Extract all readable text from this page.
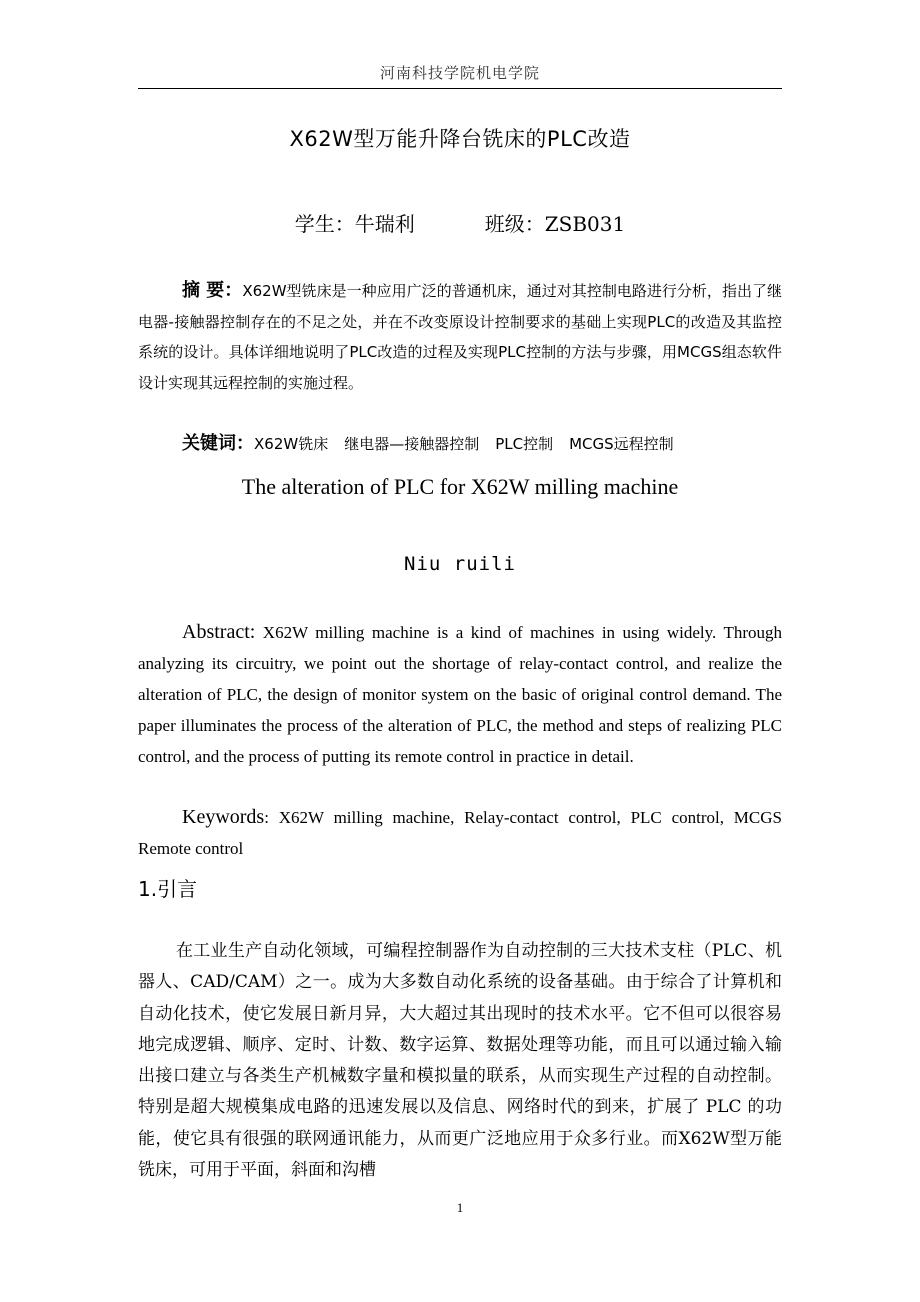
河南科技学院机电学院
X62W型万能升降台铣床的PLC改造
学生：牛瑞利	班级：ZSB031
摘 要：X62W型铣床是一种应用广泛的普通机床，通过对其控制电路进行分析，指出了继电器-接触器控制存在的不足之处，并在不改变原设计控制要求的基础上实现PLC的改造及其监控系统的设计。具体详细地说明了PLC改造的过程及实现PLC控制的方法与步骤，用MCGS组态软件设计实现其远程控制的实施过程。
关键词：X62W铣床 继电器—接触器控制 PLC控制 MCGS远程控制
The alteration of PLC for X62W milling machine
Niu ruili
Abstract: X62W milling machine is a kind of machines in using widely. Through analyzing its circuitry, we point out the shortage of relay-contact control, and realize the alteration of PLC, the design of monitor system on the basic of original control demand. The paper illuminates the process of the alteration of PLC, the method and steps of realizing PLC control, and the process of putting its remote control in practice in detail.
Keywords: X62W milling machine, Relay-contact control, PLC control, MCGS Remote control
1.引言
在工业生产自动化领域，可编程控制器作为自动控制的三大技术支柱（PLC、机器人、CAD/CAM）之一。成为大多数自动化系统的设备基础。由于综合了计算机和自动化技术，使它发展日新月异，大大超过其出现时的技术水平。它不但可以很容易地完成逻辑、顺序、定时、计数、数字运算、数据处理等功能，而且可以通过输入输出接口建立与各类生产机械数字量和模拟量的联系，从而实现生产过程的自动控制。特别是超大规模集成电路的迅速发展以及信息、网络时代的到来，扩展了 PLC 的功能，使它具有很强的联网通讯能力，从而更广泛地应用于众多行业。而X62W型万能铣床，可用于平面，斜面和沟槽
1
